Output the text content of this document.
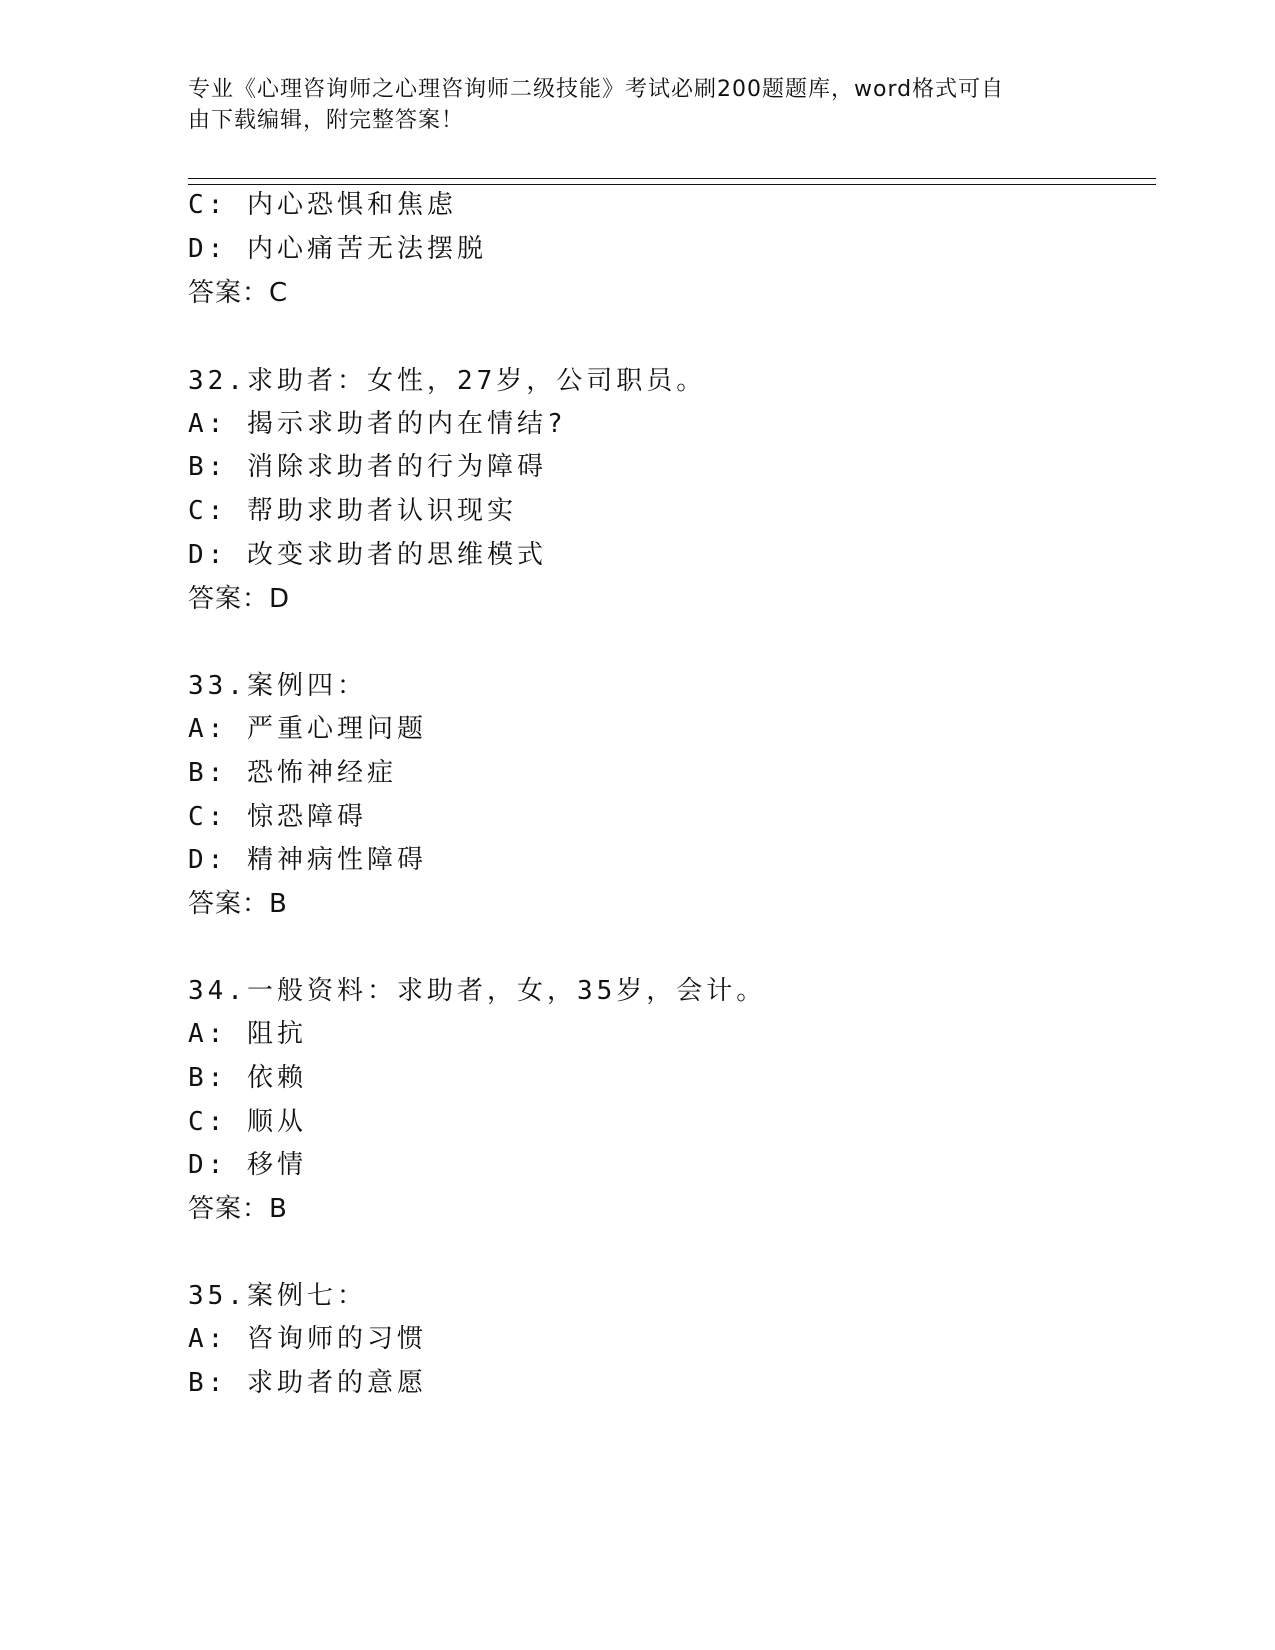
专业《心理咨询师之心理咨询师二级技能》考试必刷200题题库，word格式可自
由下载编辑，附完整答案！
C: 内心恐惧和焦虑
D: 内心痛苦无法摆脱
答案：C
32.求助者：女性，27岁，公司职员。
A: 揭示求助者的内在情结?
B: 消除求助者的行为障碍
C: 帮助求助者认识现实
D: 改变求助者的思维模式
答案：D
33.案例四：
A: 严重心理问题
B: 恐怖神经症
C: 惊恐障碍
D: 精神病性障碍
答案：B
34.一般资料：求助者，女，35岁，会计。
A: 阻抗
B: 依赖
C: 顺从
D: 移情
答案：B
35.案例七：
A: 咨询师的习惯
B: 求助者的意愿
